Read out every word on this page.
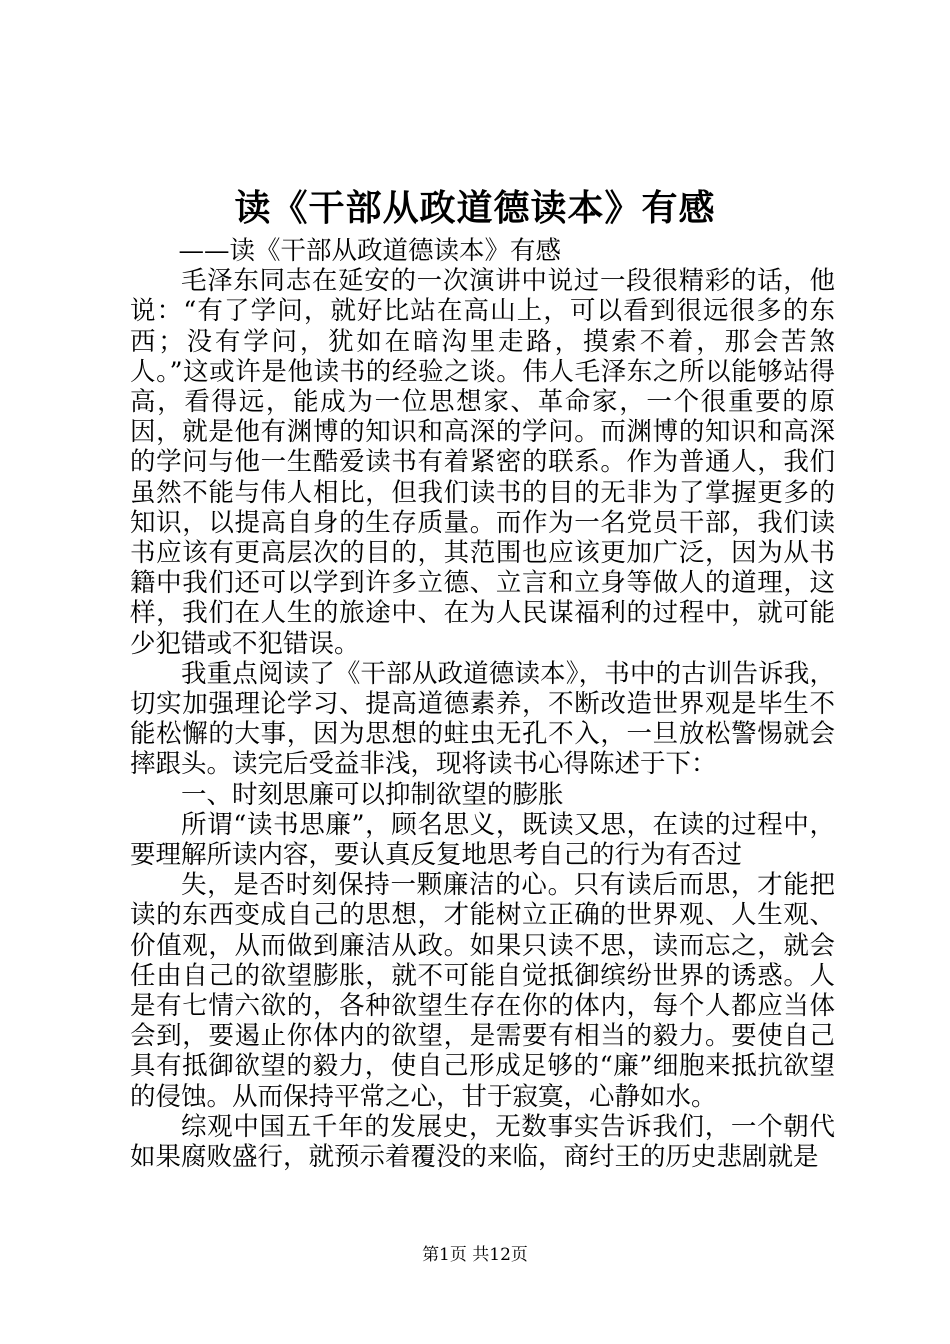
读《干部从政道德读本》有感

——读《干部从政道德读本》有感

毛泽东同志在延安的一次演讲中说过一段很精彩的话，他说：“有了学问，就好比站在高山上，可以看到很远很多的东西；没有学问，犹如在暗沟里走路，摸索不着，那会苦煞人。”这或许是他读书的经验之谈。伟人毛泽东之所以能够站得高，看得远，能成为一位思想家、革命家，一个很重要的原因，就是他有渊博的知识和高深的学问。而渊博的知识和高深的学问与他一生酷爱读书有着紧密的联系。作为普通人，我们虽然不能与伟人相比，但我们读书的目的无非为了掌握更多的知识，以提高自身的生存质量。而作为一名党员干部，我们读书应该有更高层次的目的，其范围也应该更加广泛，因为从书籍中我们还可以学到许多立德、立言和立身等做人的道理，这样，我们在人生的旅途中、在为人民谋福利的过程中，就可能少犯错或不犯错误。

我重点阅读了《干部从政道德读本》，书中的古训告诉我，切实加强理论学习、提高道德素养，不断改造世界观是毕生不能松懈的大事，因为思想的蛀虫无孔不入，一旦放松警惕就会摔跟头。读完后受益非浅，现将读书心得陈述于下：

一、时刻思廉可以抑制欲望的膨胀

所谓“读书思廉”，顾名思义，既读又思，在读的过程中，要理解所读内容，要认真反复地思考自己的行为有否过

失，是否时刻保持一颗廉洁的心。只有读后而思，才能把读的东西变成自己的思想，才能树立正确的世界观、人生观、价值观，从而做到廉洁从政。如果只读不思，读而忘之，就会任由自己的欲望膨胀，就不可能自觉抵御缤纷世界的诱惑。人是有七情六欲的，各种欲望生存在你的体内，每个人都应当体会到，要遏止你体内的欲望，是需要有相当的毅力。要使自己具有抵御欲望的毅力，使自己形成足够的“廉”细胞来抵抗欲望的侵蚀。从而保持平常之心，甘于寂寞，心静如水。

综观中国五千年的发展史，无数事实告诉我们，一个朝代如果腐败盛行，就预示着覆没的来临，商纣王的历史悲剧就是

第1页 共12页
